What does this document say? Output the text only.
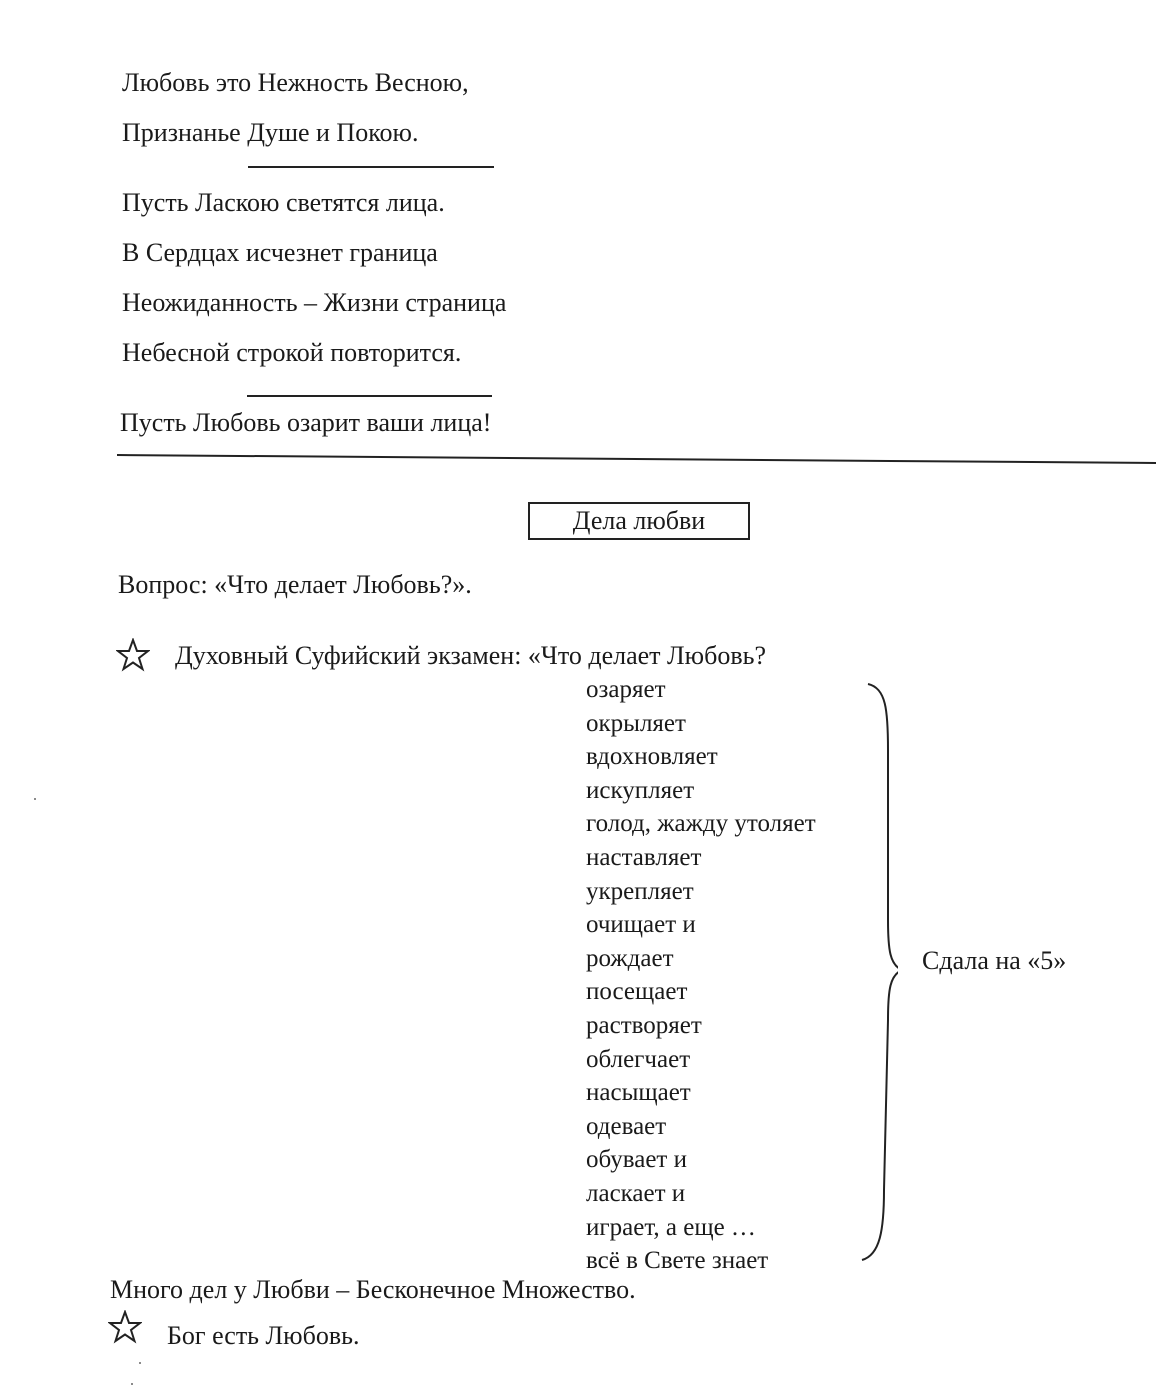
Любовь это Нежность Весною,
Признанье Душе и Покою.
Пусть Ласкою светятся лица.
В Сердцах исчезнет граница
Неожиданность – Жизни страница
Небесной строкой повторится.
Пусть Любовь озарит ваши лица!
Дела любви
Вопрос: «Что делает Любовь?».
Духовный Суфийский экзамен: «Что делает Любовь?
озаряет
окрыляет
вдохновляет
искупляет
голод, жажду утоляет
наставляет
укрепляет
очищает и
рождает
посещает
растворяет
облегчает
насыщает
одевает
обувает и
ласкает и
играет, а еще …
всё в Свете знает
Сдала на «5»
Много дел у Любви – Бесконечное Множество.
Бог есть Любовь.
